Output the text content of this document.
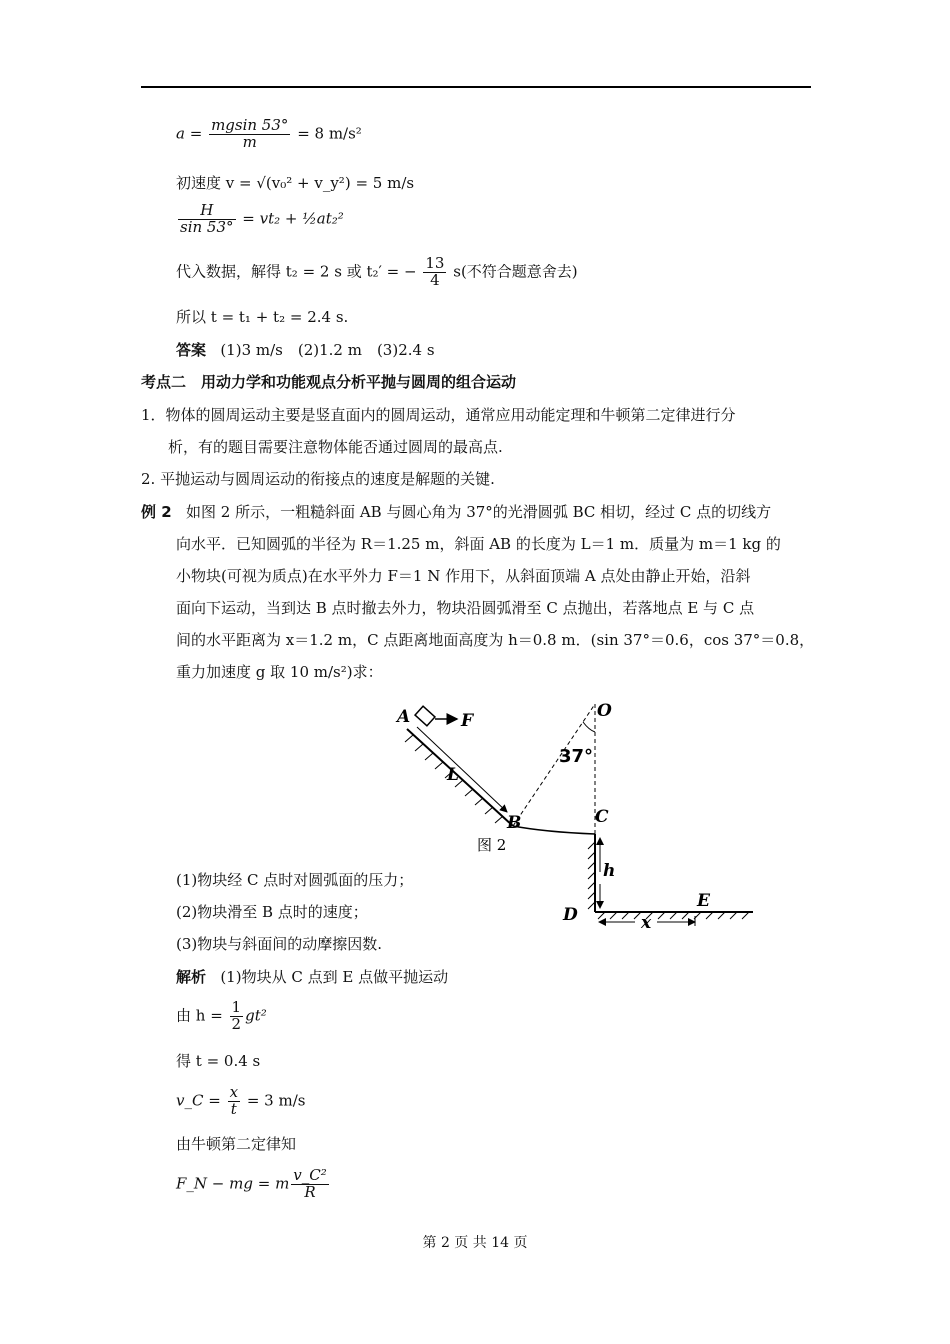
$a = \frac{mgsin 53^\circ}{m} = 8$ m/s²
初速度 v = √(v₀² + v_y²) = 5 m/s
$\frac{H}{\sin 53^\circ} = vt_2$ + ½at₂²
代入数据，解得 t₂ = 2 s 或 t₂′ = − $\frac{13}{4} s$(不符合题意舍去)
所以 t = t₁ + t₂ = 2.4 s.
答案 (1)3 m/s　(2)1.2 m　(3)2.4 s
考点二　用动力学和功能观点分析平抛与圆周的组合运动
1．物体的圆周运动主要是竖直面内的圆周运动，通常应用动能定理和牛顿第二定律进行分
析，有的题目需要注意物体能否通过圆周的最高点.
2. 平抛运动与圆周运动的衔接点的速度是解题的关键.
例 2 如图 2 所示，一粗糙斜面 AB 与圆心角为 37°的光滑圆弧 BC 相切，经过 C 点的切线方
向水平．已知圆弧的半径为 R＝1.25 m，斜面 AB 的长度为 L＝1 m．质量为 m＝1 kg 的
小物块(可视为质点)在水平外力 F＝1 N 作用下，从斜面顶端 A 点处由静止开始，沿斜
面向下运动，当到达 B 点时撤去外力，物块沿圆弧滑至 C 点抛出，若落地点 E 与 C 点
间的水平距离为 x＝1.2 m，C 点距离地面高度为 h＝0.8 m．(sin 37°＝0.6，cos 37°＝0.8，
重力加速度 g 取 10 m/s²)求：
A	F
L
B
O
C
h
D
E
x
37°
图 2
(1)物块经 C 点时对圆弧面的压力；
(2)物块滑至 B 点时的速度；
(3)物块与斜面间的动摩擦因数.
解析 (1)物块从 C 点到 E 点做平抛运动
由 $h = \frac{1}{2} gt^2$
得 t = 0.4 s
v_C = $\frac{x}{t} = 3$ m/s
由牛顿第二定律知
F_N − mg = m $\frac{\text{v\_C²}}{R}$
第 2 页 共 14 页
